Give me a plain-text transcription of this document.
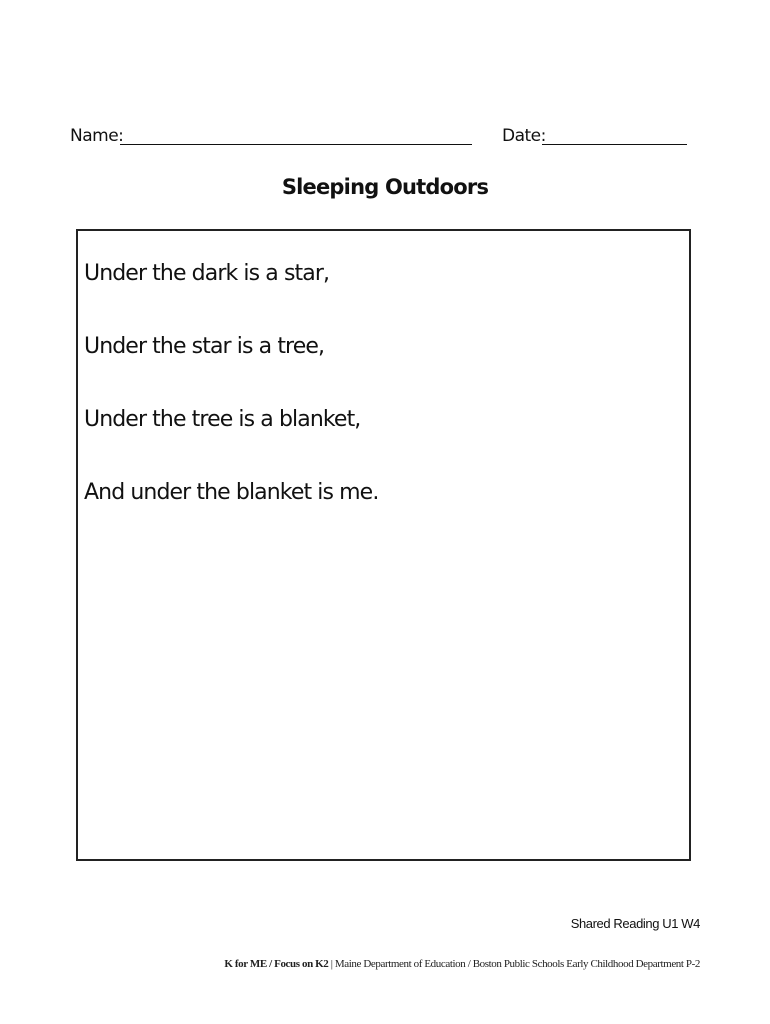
Name:	Date:
Sleeping Outdoors
Under the dark is a star,
Under the star is a tree,
Under the tree is a blanket,
And under the blanket is me.
Shared Reading U1 W4
K for ME / Focus on K2 | Maine Department of Education / Boston Public Schools Early Childhood Department P-2
